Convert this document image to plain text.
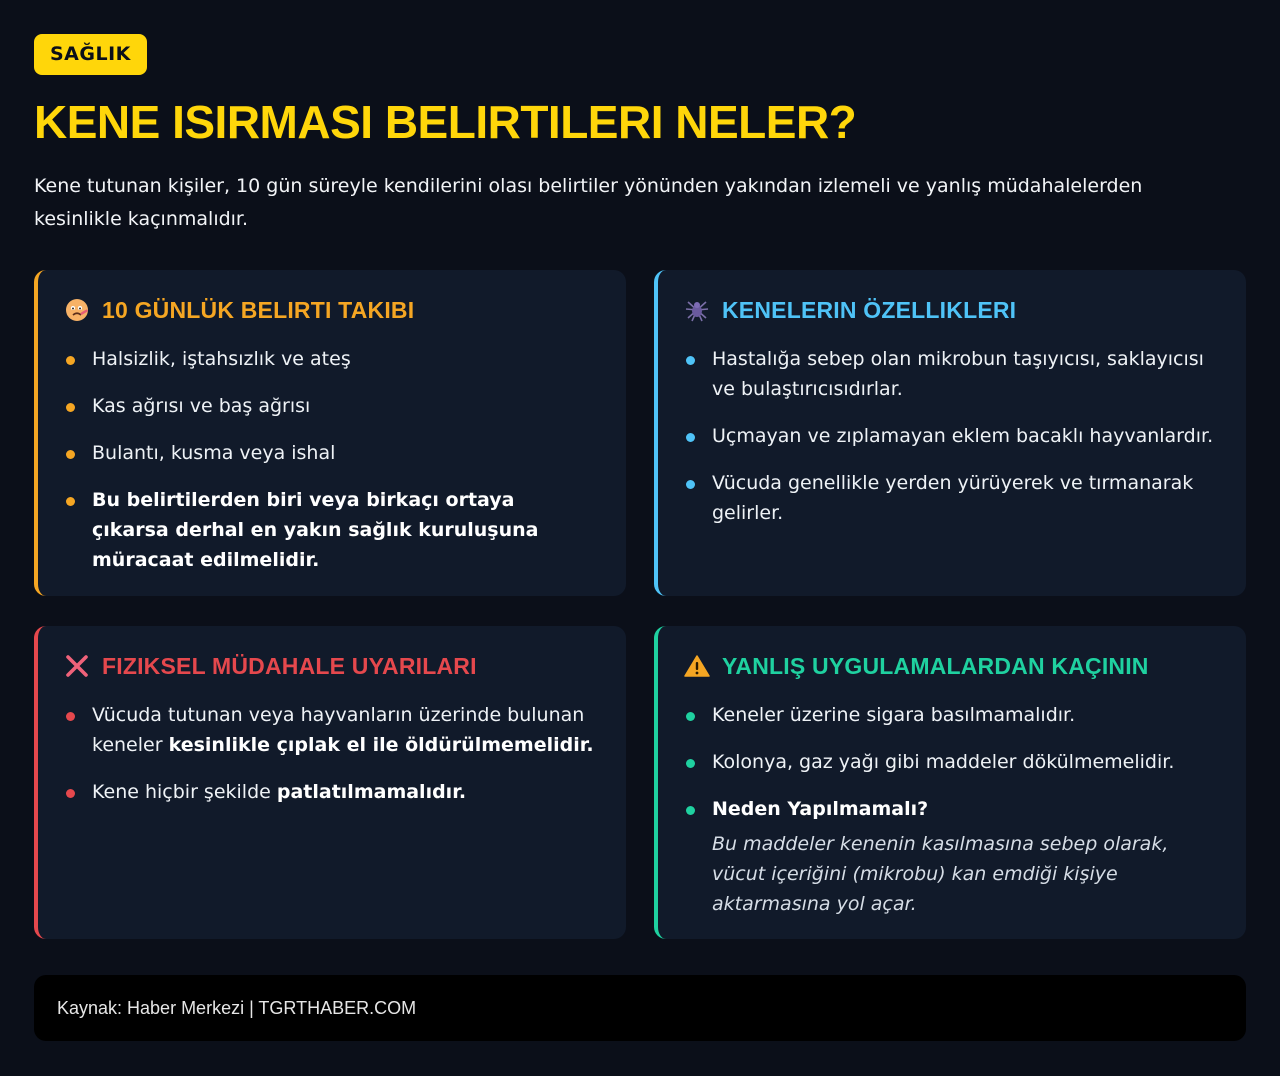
SAĞLIK
KENE ISIRMASI BELIRTILERI NELER?

Kene tutunan kişiler, 10 gün süreyle kendilerini olası belirtiler yönünden yakından izlemeli ve yanlış müdahalelerden kesinlikle kaçınmalıdır.

10 GÜNLÜK BELIRTI TAKIBI
Halsizlik, iştahsızlık ve ateş
Kas ağrısı ve baş ağrısı
Bulantı, kusma veya ishal
Bu belirtilerden biri veya birkaçı ortaya çıkarsa derhal en yakın sağlık kuruluşuna müracaat edilmelidir.
KENELERIN ÖZELLIKLERI
Hastalığa sebep olan mikrobun taşıyıcısı, saklayıcısı ve bulaştırıcısıdırlar.
Uçmayan ve zıplamayan eklem bacaklı hayvanlardır.
Vücuda genellikle yerden yürüyerek ve tırmanarak gelirler.
FIZIKSEL MÜDAHALE UYARILARI
Vücuda tutunan veya hayvanların üzerinde bulunan keneler kesinlikle çıplak el ile öldürülmemelidir.
Kene hiçbir şekilde patlatılmamalıdır.
YANLIŞ UYGULAMALARDAN KAÇININ
Keneler üzerine sigara basılmamalıdır.
Kolonya, gaz yağı gibi maddeler dökülmemelidir.
Neden Yapılmamalı?
Bu maddeler kenenin kasılmasına sebep olarak, vücut içeriğini (mikrobu) kan emdiği kişiye aktarmasına yol açar.
Kaynak: Haber Merkezi | TGRTHABER.COM
